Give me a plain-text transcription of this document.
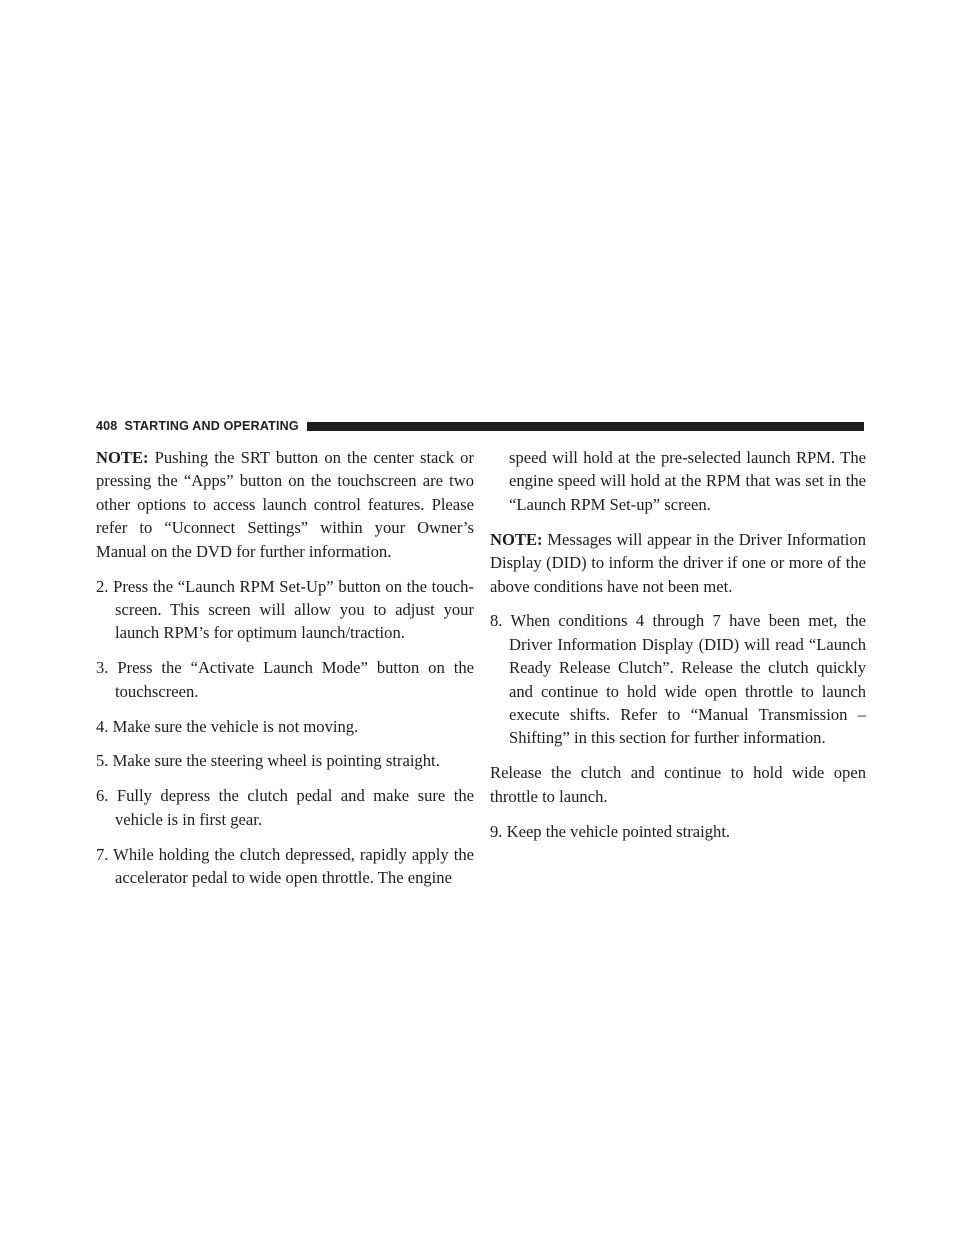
408 STARTING AND OPERATING

NOTE: Pushing the SRT button on the center stack or pressing the “Apps” button on the touchscreen are two other options to access launch control features. Please refer to “Uconnect Settings” within your Owner’s Manual on the DVD for further information.

2. Press the “Launch RPM Set-Up” button on the touch-screen. This screen will allow you to adjust your launch RPM’s for optimum launch/traction.

3. Press the “Activate Launch Mode” button on the touchscreen.

4. Make sure the vehicle is not moving.

5. Make sure the steering wheel is pointing straight.

6. Fully depress the clutch pedal and make sure the vehicle is in first gear.

7. While holding the clutch depressed, rapidly apply the accelerator pedal to wide open throttle. The engine

speed will hold at the pre-selected launch RPM. The engine speed will hold at the RPM that was set in the “Launch RPM Set-up” screen.

NOTE: Messages will appear in the Driver Information Display (DID) to inform the driver if one or more of the above conditions have not been met.

8. When conditions 4 through 7 have been met, the Driver Information Display (DID) will read “Launch Ready Release Clutch”. Release the clutch quickly and continue to hold wide open throttle to launch execute shifts. Refer to “Manual Transmission – Shifting” in this section for further information.

Release the clutch and continue to hold wide open throttle to launch.

9. Keep the vehicle pointed straight.
